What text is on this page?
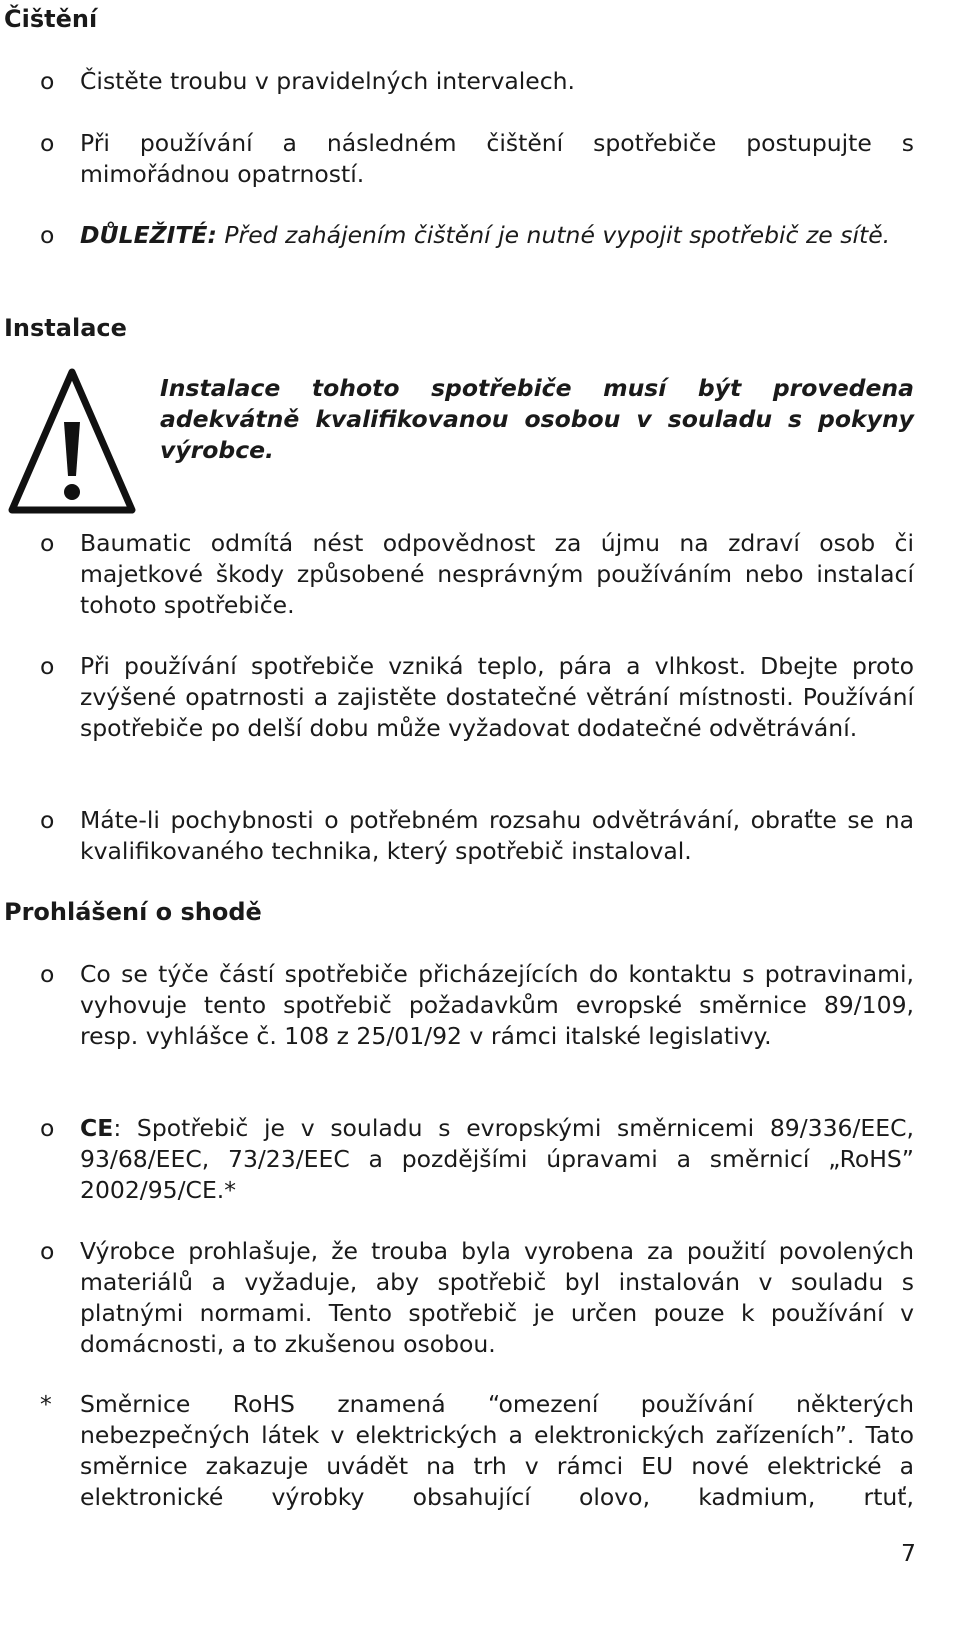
Čištění
o Čistěte troubu v pravidelných intervalech.

o Při používání a následném čištění spotřebiče postupujte s mimořádnou opatrností.

o DŮLEŽITÉ: Před zahájením čištění je nutné vypojit spotřebič ze sítě.

Instalace

Instalace tohoto spotřebiče musí být provedena adekvátně kvalifikovanou osobou v souladu s pokyny výrobce.

o Baumatic odmítá nést odpovědnost za újmu na zdraví osob či majetkové škody způsobené nesprávným používáním nebo instalací tohoto spotřebiče.

o Při používání spotřebiče vzniká teplo, pára a vlhkost. Dbejte proto zvýšené opatrnosti a zajistěte dostatečné větrání místnosti. Používání spotřebiče po delší dobu může vyžadovat dodatečné odvětrávání.

o Máte-li pochybnosti o potřebném rozsahu odvětrávání, obraťte se na kvalifikovaného technika, který spotřebič instaloval.

Prohlášení o shodě
o Co se týče částí spotřebiče přicházejících do kontaktu s potravinami, vyhovuje tento spotřebič požadavkům evropské směrnice 89/109, resp. vyhlášce č. 108 z 25/01/92 v rámci italské legislativy.

o CE: Spotřebič je v souladu s evropskými směrnicemi 89/336/EEC, 93/68/EEC, 73/23/EEC a pozdějšími úpravami a směrnicí „RoHS” 2002/95/CE.*

o Výrobce prohlašuje, že trouba byla vyrobena za použití povolených materiálů a vyžaduje, aby spotřebič byl instalován v souladu s platnými normami. Tento spotřebič je určen pouze k používání v domácnosti, a to zkušenou osobou.

* Směrnice RoHS znamená “omezení používání některých nebezpečných látek v elektrických a elektronických zařízeních”. Tato směrnice zakazuje uvádět na trh v rámci EU nové elektrické a elektronické výrobky obsahující olovo, kadmium, rtuť,

7
